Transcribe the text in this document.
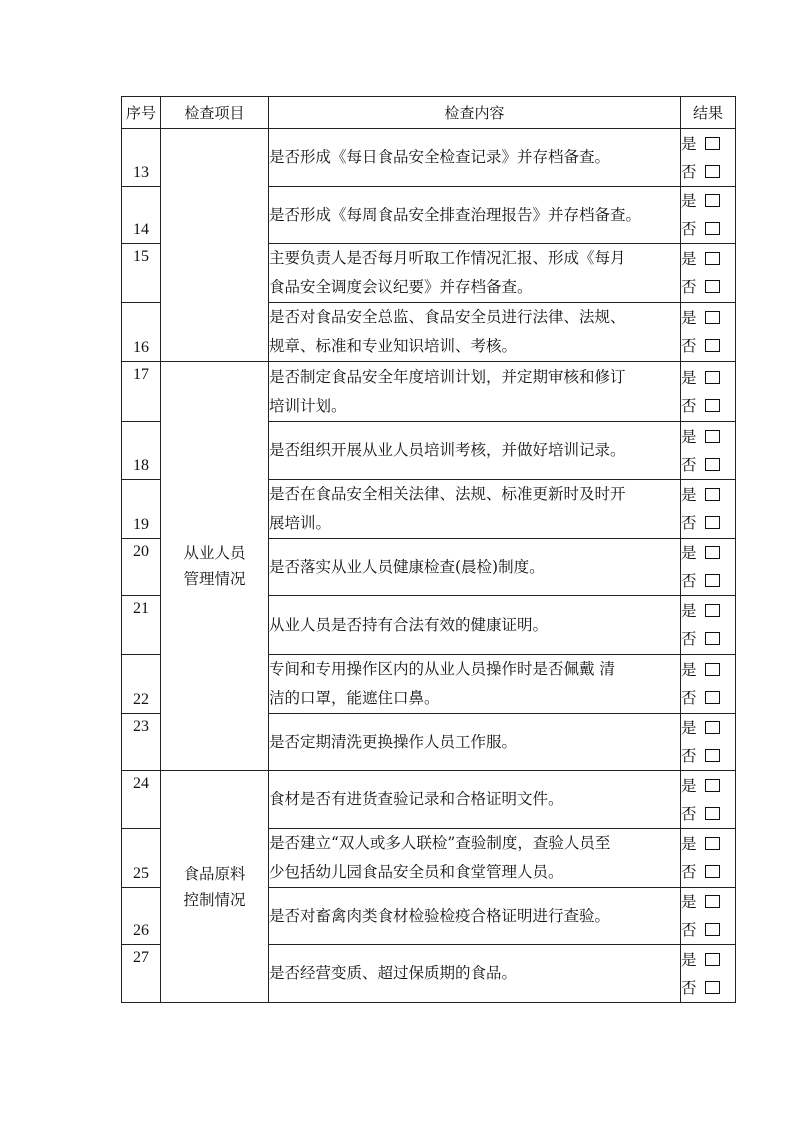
序号	检查项目	检查内容	结果
13		是否形成《每日食品安全检查记录》并存档备查。	是
否

14		是否形成《每周食品安全排查治理报告》并存档备查。	是
否

15		主要负责人是否每月听取工作情况汇报、形成《每月
食品安全调度会议纪要》并存档备查。	是
否

16		是否对食品安全总监、食品安全员进行法律、法规、
规章、标准和专业知识培训、考核。	是
否

17	从业人员
管理情况	是否制定食品安全年度培训计划，并定期审核和修订
培训计划。	是
否

18		是否组织开展从业人员培训考核，并做好培训记录。	是
否

19		是否在食品安全相关法律、法规、标准更新时及时开
展培训。	是
否

20		是否落实从业人员健康检查(晨检)制度。	是
否

21		从业人员是否持有合法有效的健康证明。	是
否

22		专间和专用操作区内的从业人员操作时是否佩戴 清
洁的口罩，能遮住口鼻。	是
否

23		是否定期清洗更换操作人员工作服。	是
否

24	食品原料
控制情况	食材是否有进货查验记录和合格证明文件。	是
否

25		是否建立“双人或多人联检”查验制度，查验人员至
少包括幼儿园食品安全员和食堂管理人员。	是
否

26		是否对畜禽肉类食材检验检疫合格证明进行查验。	是
否

27		是否经营变质、超过保质期的食品。	是
否
